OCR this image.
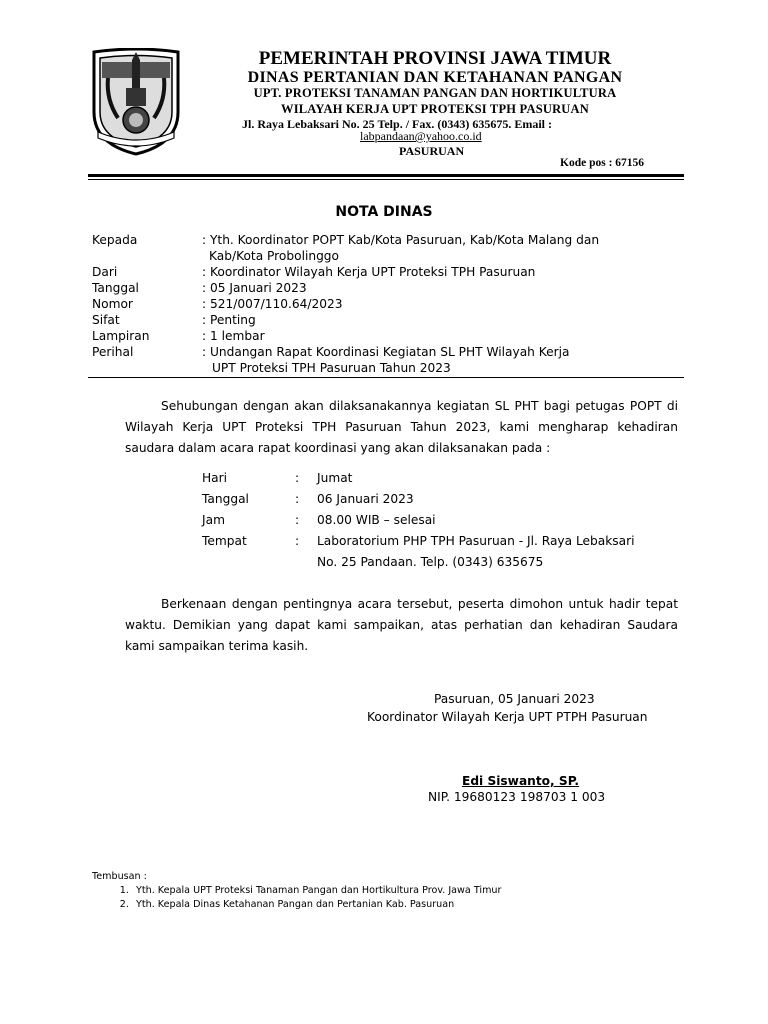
PEMERINTAH PROVINSI JAWA TIMUR
DINAS PERTANIAN DAN KETAHANAN PANGAN
UPT. PROTEKSI TANAMAN PANGAN DAN HORTIKULTURA
WILAYAH KERJA UPT PROTEKSI TPH PASURUAN
Jl. Raya Lebaksari No. 25 Telp. / Fax. (0343) 635675. Email :
labpandaan@yahoo.co.id
PASURUAN
Kode pos : 67156
NOTA DINAS
Kepada	: Yth. Koordinator POPT Kab/Kota Pasuruan, Kab/Kota Malang dan
Kab/Kota Probolinggo
Dari	: Koordinator Wilayah Kerja UPT Proteksi TPH Pasuruan
Tanggal	: 05 Januari 2023
Nomor	: 521/007/110.64/2023
Sifat	: Penting
Lampiran	: 1 lembar
Perihal	: Undangan Rapat Koordinasi Kegiatan SL PHT Wilayah Kerja
UPT Proteksi TPH Pasuruan Tahun 2023

Sehubungan dengan akan dilaksanakannya kegiatan SL PHT bagi petugas POPT di Wilayah Kerja UPT Proteksi TPH Pasuruan Tahun 2023, kami mengharap kehadiran saudara dalam acara rapat koordinasi yang akan dilaksanakan pada :

Hari	: Jumat
Tanggal	: 06 Januari 2023
Jam	: 08.00 WIB – selesai
Tempat	: Laboratorium PHP TPH Pasuruan - Jl. Raya Lebaksari
No. 25 Pandaan. Telp. (0343) 635675

Berkenaan dengan pentingnya acara tersebut, peserta dimohon untuk hadir tepat waktu. Demikian yang dapat kami sampaikan, atas perhatian dan kehadiran Saudara kami sampaikan terima kasih.

Pasuruan, 05 Januari 2023
Koordinator Wilayah Kerja UPT PTPH Pasuruan
Edi Siswanto, SP.
NIP. 19680123 198703 1 003
Tembusan :
1. Yth. Kepala UPT Proteksi Tanaman Pangan dan Hortikultura Prov. Jawa Timur
2. Yth. Kepala Dinas Ketahanan Pangan dan Pertanian Kab. Pasuruan
